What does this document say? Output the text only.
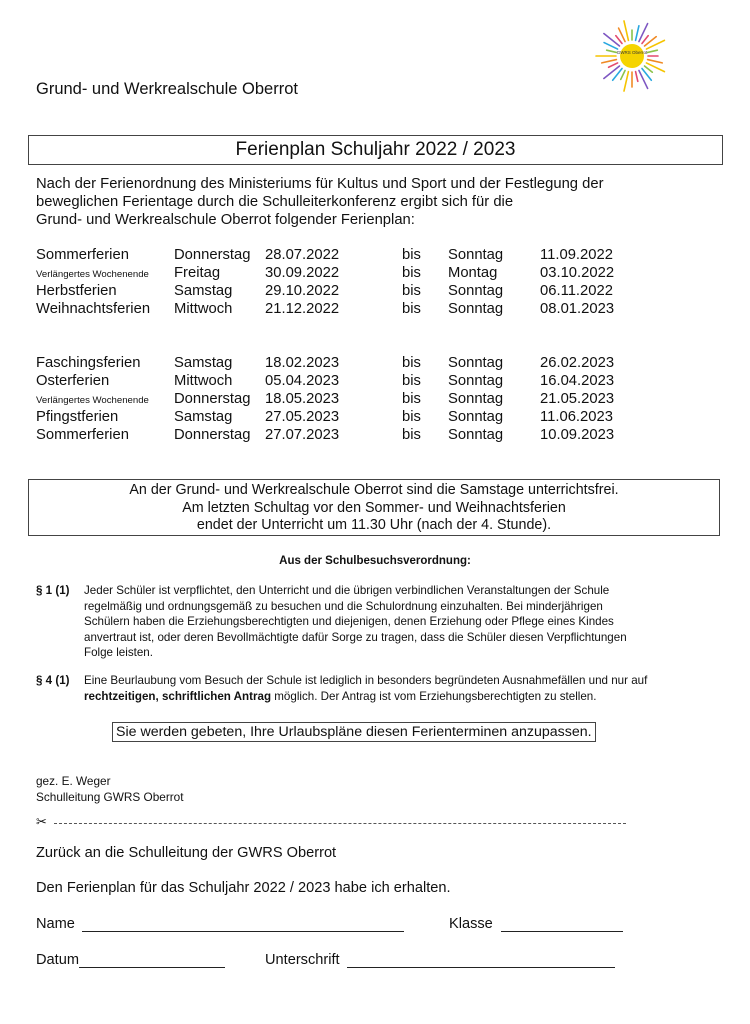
GWRS Oberrot
Grund- und Werkrealschule Oberrot
Ferienplan Schuljahr 2022 / 2023
Nach der Ferienordnung des Ministeriums für Kultus und Sport und der Festlegung der
beweglichen Ferientage durch die Schulleiterkonferenz ergibt sich für die
Grund- und Werkrealschule Oberrot folgender Ferienplan:
Sommerferien	Donnerstag 28.07.2022	bis Sonntag 11.09.2022
Verlängertes Wochenende Freitag	30.09.2022	bis Montag	03.10.2022
Herbstferien	Samstag 29.10.2022	bis Sonntag 06.11.2022
Weihnachtsferien Mittwoch 21.12.2022	bis Sonntag 08.01.2023
Faschingsferien Samstag 18.02.2023	bis Sonntag 26.02.2023
Osterferien	Mittwoch 05.04.2023	bis Sonntag 16.04.2023
Verlängertes Wochenende Donnerstag 18.05.2023	bis Sonntag 21.05.2023
Pfingstferien	Samstag 27.05.2023	bis Sonntag 11.06.2023
Sommerferien	Donnerstag 27.07.2023	bis Sonntag 10.09.2023
An der Grund- und Werkrealschule Oberrot sind die Samstage unterrichtsfrei.
Am letzten Schultag vor den Sommer- und Weihnachtsferien
endet der Unterricht um 11.30 Uhr (nach der 4. Stunde).
Aus der Schulbesuchsverordnung:
§ 1 (1) Jeder Schüler ist verpflichtet, den Unterricht und die übrigen verbindlichen Veranstaltungen der Schule
regelmäßig und ordnungsgemäß zu besuchen und die Schulordnung einzuhalten. Bei minderjährigen
Schülern haben die Erziehungsberechtigten und diejenigen, denen Erziehung oder Pflege eines Kindes
anvertraut ist, oder deren Bevollmächtigte dafür Sorge zu tragen, dass die Schüler diesen Verpflichtungen
Folge leisten.
§ 4 (1) Eine Beurlaubung vom Besuch der Schule ist lediglich in besonders begründeten Ausnahmefällen und nur auf
rechtzeitigen, schriftlichen Antrag möglich. Der Antrag ist vom Erziehungsberechtigten zu stellen.
Sie werden gebeten, Ihre Urlaubspläne diesen Ferienterminen anzupassen.
gez. E. Weger
Schulleitung GWRS Oberrot
✂
Zurück an die Schulleitung der GWRS Oberrot
Den Ferienplan für das Schuljahr 2022 / 2023 habe ich erhalten.
Name	Klasse
Datum	Unterschrift
